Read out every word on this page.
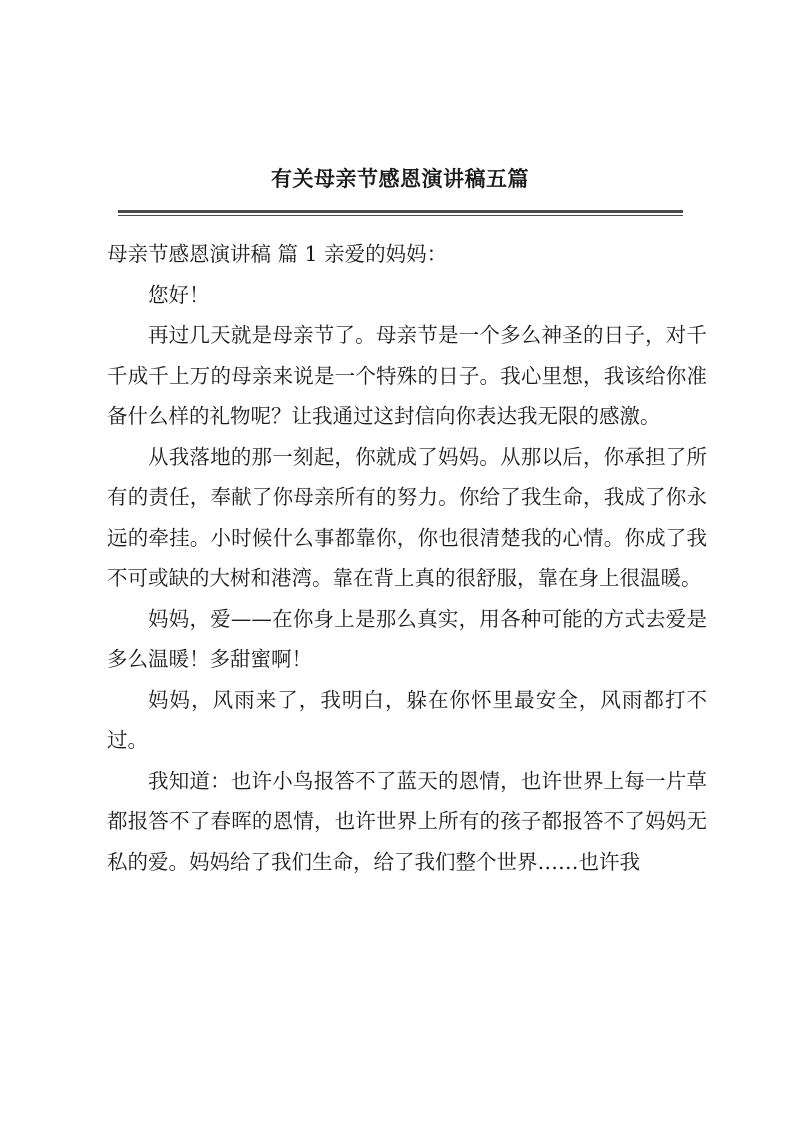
有关母亲节感恩演讲稿五篇

母亲节感恩演讲稿 篇 1 亲爱的妈妈：

您好！

再过几天就是母亲节了。母亲节是一个多么神圣的日子，对千千成千上万的母亲来说是一个特殊的日子。我心里想，我该给你准备什么样的礼物呢？让我通过这封信向你表达我无限的感激。

从我落地的那一刻起，你就成了妈妈。从那以后，你承担了所有的责任，奉献了你母亲所有的努力。你给了我生命，我成了你永远的牵挂。小时候什么事都靠你，你也很清楚我的心情。你成了我不可或缺的大树和港湾。靠在背上真的很舒服，靠在身上很温暖。

妈妈，爱——在你身上是那么真实，用各种可能的方式去爱是多么温暖！多甜蜜啊！

妈妈，风雨来了，我明白，躲在你怀里最安全，风雨都打不过。

我知道：也许小鸟报答不了蓝天的恩情，也许世界上每一片草都报答不了春晖的恩情，也许世界上所有的孩子都报答不了妈妈无私的爱。妈妈给了我们生命，给了我们整个世界……也许我
